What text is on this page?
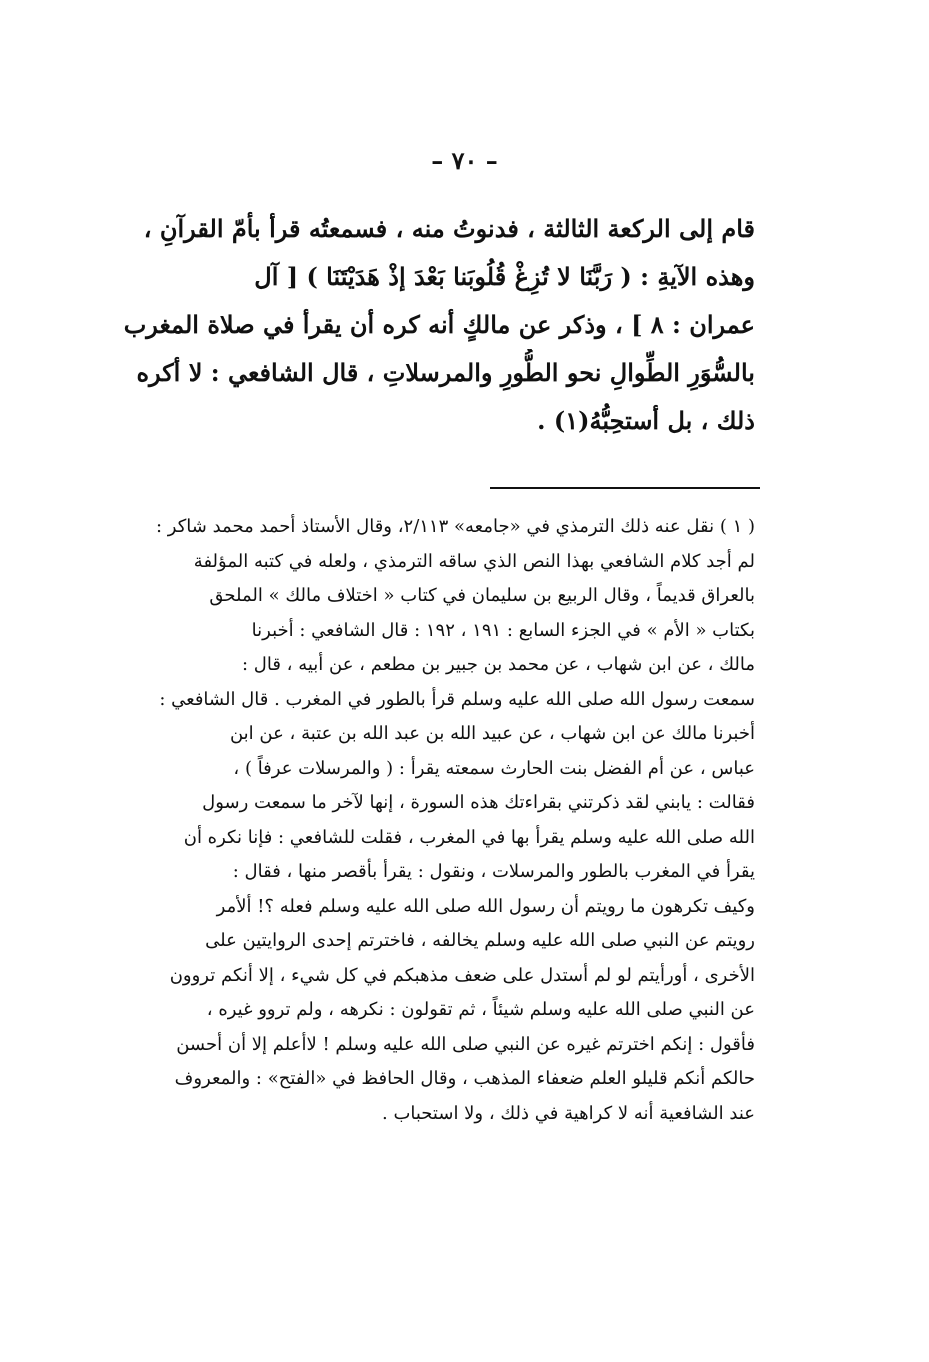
– ٧٠ –
قام إلى الركعة الثالثة ، فدنوتُ منه ، فسمعتُه قرأ بأمّ القرآنِ ،
وهذه الآيةِ : ( رَبَّنَا لا تُزِغْ قُلُوبَنا بَعْدَ إذْ هَدَيْتَنَا ) [ آل
عمران : ٨ ] ، وذكر عن مالكٍ أنه كره أن يقرأ في صلاة المغرب
بالسُّوَرِ الطِّوالِ نحو الطُّورِ والمرسلاتِ ، قال الشافعي : لا أكره
ذلك ، بل أستحِبُّهُ(١) .
( ١ ) نقل عنه ذلك الترمذي في «جامعه» ٢/١١٣، وقال الأستاذ أحمد محمد شاكر :
لم أجد كلام الشافعي بهذا النص الذي ساقه الترمذي ، ولعله في كتبه المؤلفة
بالعراق قديماً ، وقال الربيع بن سليمان في كتاب « اختلاف مالك » الملحق
بكتاب « الأم » في الجزء السابع : ١٩١ ، ١٩٢ : قال الشافعي : أخبرنا
مالك ، عن ابن شهاب ، عن محمد بن جبير بن مطعم ، عن أبيه ، قال :
سمعت رسول الله صلى الله عليه وسلم قرأ بالطور في المغرب . قال الشافعي :
أخبرنا مالك عن ابن شهاب ، عن عبيد الله بن عبد الله بن عتبة ، عن ابن
عباس ، عن أم الفضل بنت الحارث سمعته يقرأ : ( والمرسلات عرفاً ) ،
فقالت : يابني لقد ذكرتني بقراءتك هذه السورة ، إنها لآخر ما سمعت رسول
الله صلى الله عليه وسلم يقرأ بها في المغرب ، فقلت للشافعي : فإنا نكره أن
يقرأ في المغرب بالطور والمرسلات ، ونقول : يقرأ بأقصر منها ، فقال :
وكيف تكرهون ما رويتم أن رسول الله صلى الله عليه وسلم فعله ؟! ألأمر
رويتم عن النبي صلى الله عليه وسلم يخالفه ، فاخترتم إحدى الروايتين على
الأخرى ، أورأيتم لو لم أستدل على ضعف مذهبكم في كل شيء ، إلا أنكم تروون
عن النبي صلى الله عليه وسلم شيئاً ، ثم تقولون : نكرهه ، ولم تروو غيره ،
فأقول : إنكم اخترتم غيره عن النبي صلى الله عليه وسلم ! لاأعلم إلا أن أحسن
حالكم أنكم قليلو العلم ضعفاء المذهب ، وقال الحافظ في «الفتح» : والمعروف
عند الشافعية أنه لا كراهية في ذلك ، ولا استحباب .
